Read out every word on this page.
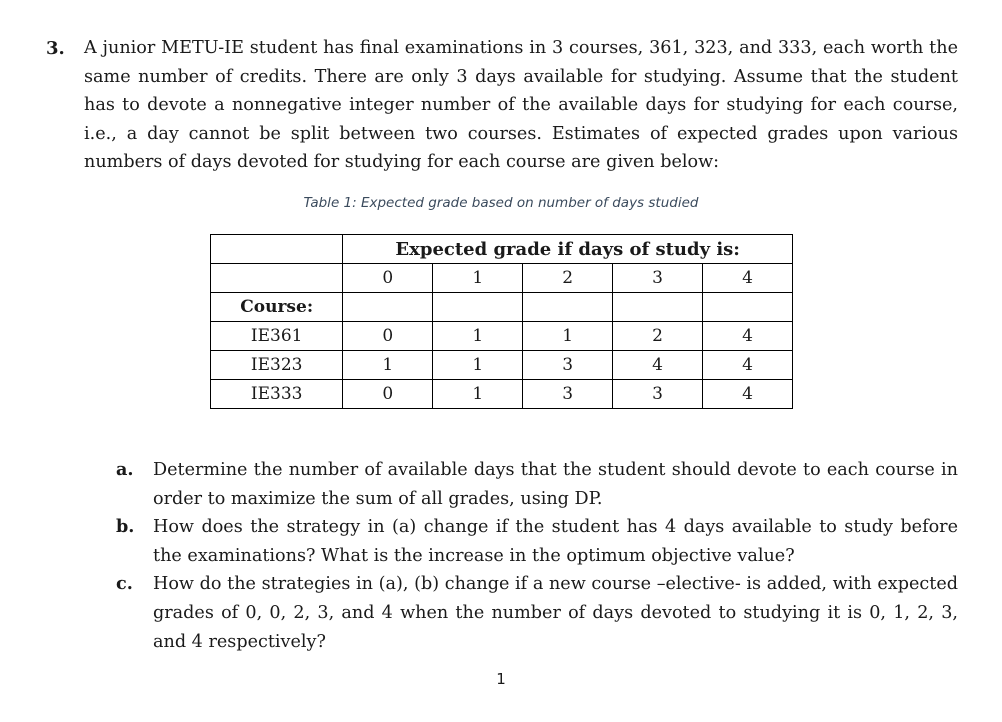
3. A junior METU-IE student has final examinations in 3 courses, 361, 323, and 333, each worth the same number of credits. There are only 3 days available for studying. Assume that the student has to devote a nonnegative integer number of the available days for studying for each course, i.e., a day cannot be split between two courses. Estimates of expected grades upon various numbers of days devoted for studying for each course are given below:
Table 1: Expected grade based on number of days studied
	Expected grade if days of study is:				
	0	1	2	3	4
Course:					
IE361	0	1	1	2	4
IE323	1	1	3	4	4
IE333	0	1	3	3	4
a. Determine the number of available days that the student should devote to each course in order to maximize the sum of all grades, using DP.
b. How does the strategy in (a) change if the student has 4 days available to study before the examinations? What is the increase in the optimum objective value?
c. How do the strategies in (a), (b) change if a new course –elective- is added, with expected grades of 0, 0, 2, 3, and 4 when the number of days devoted to studying it is 0, 1, 2, 3, and 4 respectively?
1
